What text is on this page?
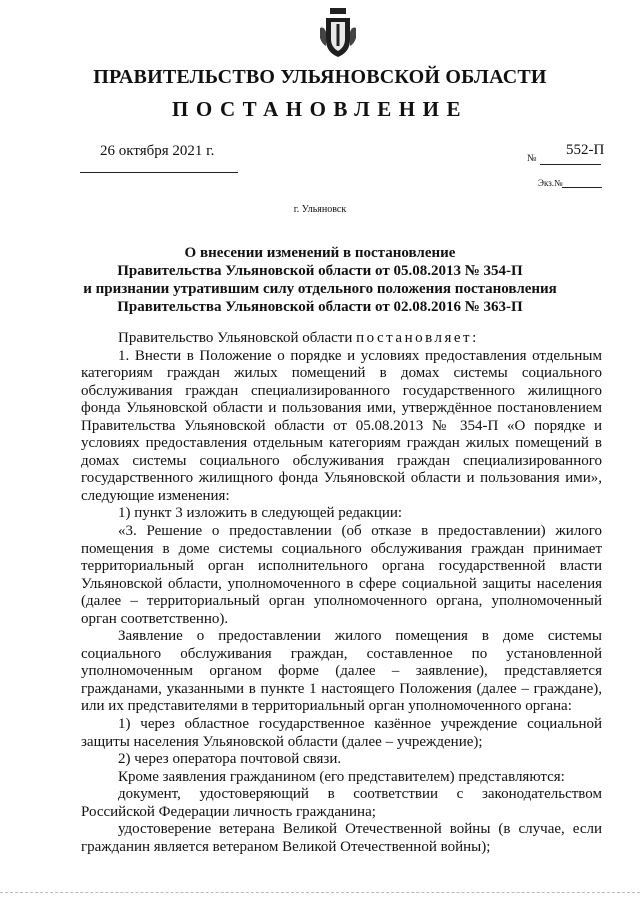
ПРАВИТЕЛЬСТВО УЛЬЯНОВСКОЙ ОБЛАСТИ
ПОСТАНОВЛЕНИЕ
26 октября 2021 г.	№
552-П
Экз.№
г. Ульяновск
О внесении изменений в постановление
Правительства Ульяновской области от 05.08.2013 № 354-П
и признании утратившим силу отдельного положения постановления
Правительства Ульяновской области от 02.08.2016 № 363-П

Правительство Ульяновской области постановляет:

1. Внести в Положение о порядке и условиях предоставления отдельным категориям граждан жилых помещений в домах системы социального обслуживания граждан специализированного государственного жилищного фонда Ульяновской области и пользования ими, утверждённое постановлением Правительства Ульяновской области от 05.08.2013 № 354-П «О порядке и условиях предоставления отдельным категориям граждан жилых помещений в домах системы социального обслуживания граждан специализированного государственного жилищного фонда Ульяновской области и пользования ими», следующие изменения:

1) пункт 3 изложить в следующей редакции:

«3. Решение о предоставлении (об отказе в предоставлении) жилого помещения в доме системы социального обслуживания граждан принимает территориальный орган исполнительного органа государственной власти Ульяновской области, уполномоченного в сфере социальной защиты населения (далее – территориальный орган уполномоченного органа, уполномоченный орган соответственно).

Заявление о предоставлении жилого помещения в доме системы социального обслуживания граждан, составленное по установленной уполномоченным органом форме (далее – заявление), представляется гражданами, указанными в пункте 1 настоящего Положения (далее – граждане), или их представителями в территориальный орган уполномоченного органа:

1) через областное государственное казённое учреждение социальной защиты населения Ульяновской области (далее – учреждение);

2) через оператора почтовой связи.

Кроме заявления гражданином (его представителем) представляются:

документ, удостоверяющий в соответствии с законодательством Российской Федерации личность гражданина;

удостоверение ветерана Великой Отечественной войны (в случае, если гражданин является ветераном Великой Отечественной войны);
